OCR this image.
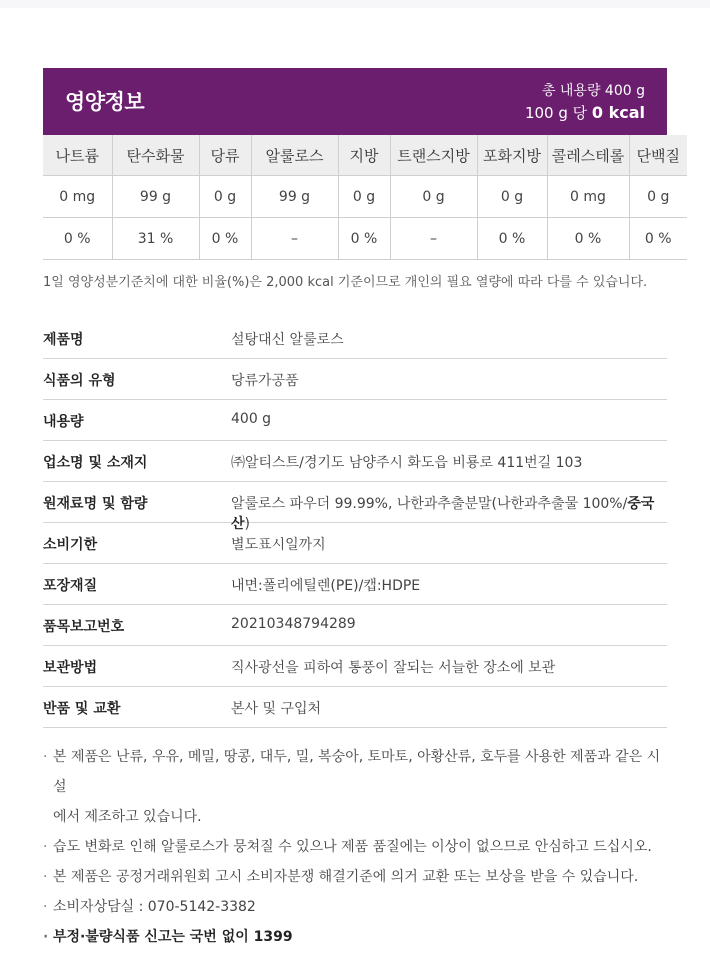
영양정보	총 내용량 400 g
100 g 당 0 kcal
나트륨	탄수화물	당류	알룰로스	지방	트랜스지방	포화지방	콜레스테롤	단백질
0 mg	99 g	0 g	99 g	0 g	0 g	0 g	0 mg	0 g
0 %	31 %	0 %	–	0 %	–	0 %	0 %	0 %
1일 영양성분기준치에 대한 비율(%)은 2,000 kcal 기준이므로 개인의 필요 열량에 따라 다를 수 있습니다.
제품명	설탕대신 알룰로스
식품의 유형	당류가공품
내용량	400 g
업소명 및 소재지	㈜알티스트/경기도 남양주시 화도읍 비룡로 411번길 103
원재료명 및 함량	알룰로스 파우더 99.99%, 나한과추출분말(나한과추출물 100%/중국산)
소비기한	별도표시일까지
포장재질	내면:폴리에틸렌(PE)/캡:HDPE
품목보고번호	20210348794289
보관방법	직사광선을 피하여 통풍이 잘되는 서늘한 장소에 보관
반품 및 교환	본사 및 구입처
· 본 제품은 난류, 우유, 메밀, 땅콩, 대두, 밀, 복숭아, 토마토, 아황산류, 호두를 사용한 제품과 같은 시설
에서 제조하고 있습니다.
· 습도 변화로 인해 알룰로스가 뭉쳐질 수 있으나 제품 품질에는 이상이 없으므로 안심하고 드십시오.
· 본 제품은 공정거래위원회 고시 소비자분쟁 해결기준에 의거 교환 또는 보상을 받을 수 있습니다.
· 소비자상담실 : 070-5142-3382
· 부정·불량식품 신고는 국번 없이 1399
